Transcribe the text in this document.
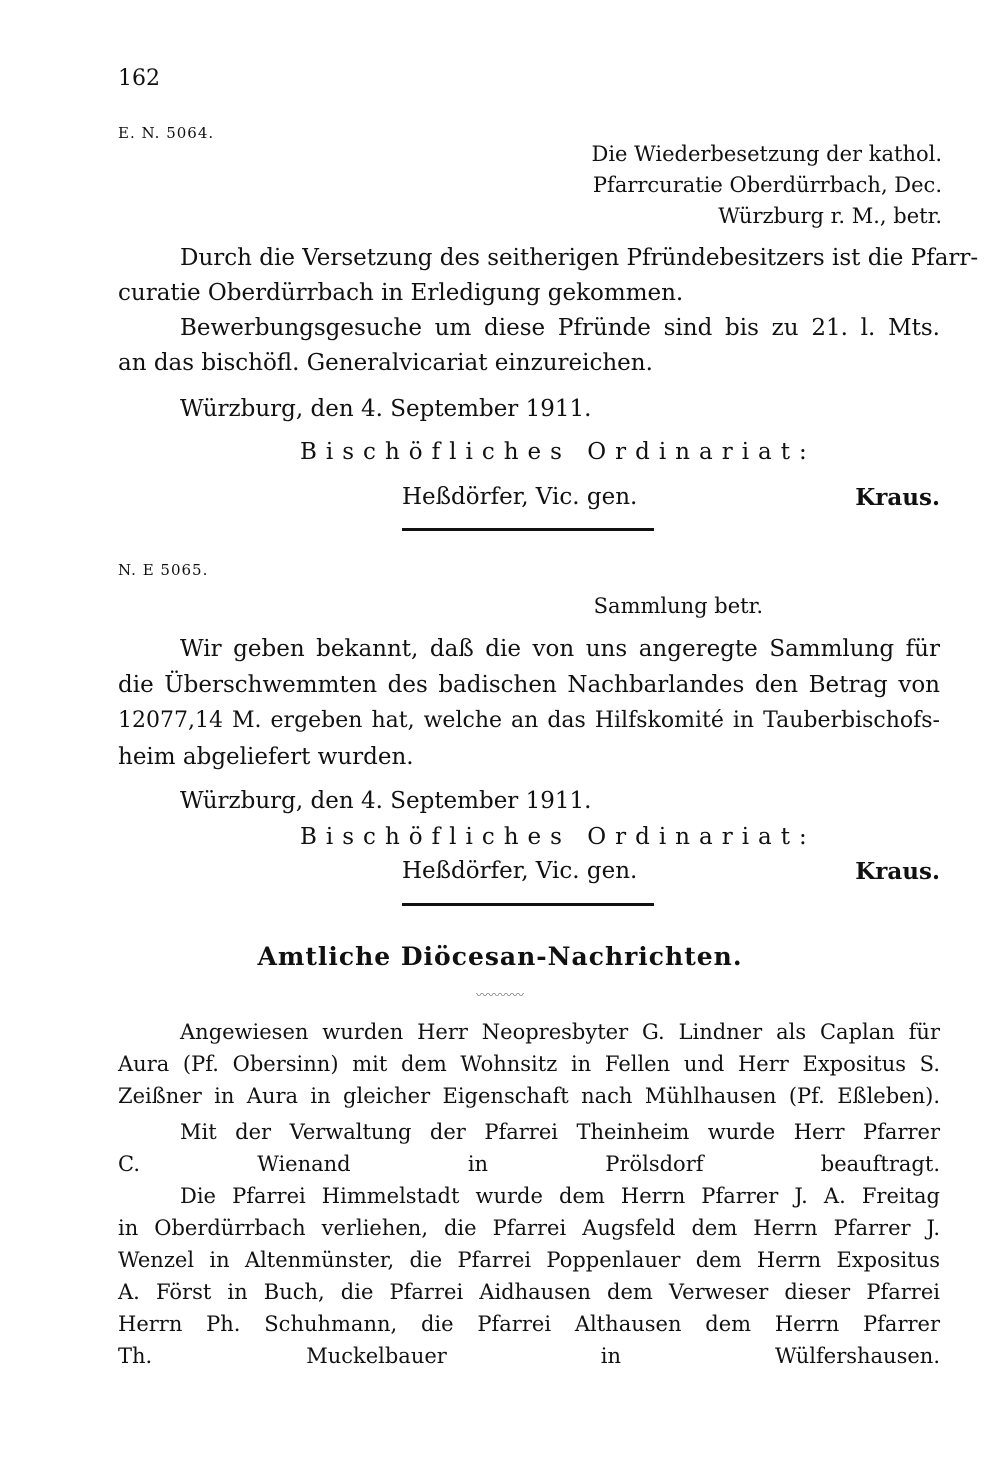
162
E. N. 5064.
Die Wiederbesetzung der kathol.
Pfarrcuratie Oberdürrbach, Dec.
Würzburg r. M., betr.
Durch die Versetzung des seitherigen Pfründebesitzers ist die Pfarr-
curatie Oberdürrbach in Erledigung gekommen.
Bewerbungsgesuche um diese Pfründe sind bis zu 21. l. Mts.
an das bischöfl. Generalvicariat einzureichen.
Würzburg, den 4. September 1911.
Bischöfliches Ordinariat:
Heßdörfer, Vic. gen.	Kraus.
N. E 5065.
Sammlung betr.
Wir geben bekannt, daß die von uns angeregte Sammlung für
die Überschwemmten des badischen Nachbarlandes den Betrag von
12077,14 M. ergeben hat, welche an das Hilfskomité in Tauberbischofs-
heim abgeliefert wurden.
Würzburg, den 4. September 1911.
Bischöfliches Ordinariat:
Heßdörfer, Vic. gen.	Kraus.
Amtliche Diöcesan-Nachrichten.
〰〰〰〰
Angewiesen wurden Herr Neopresbyter G. Lindner als Caplan für
Aura (Pf. Obersinn) mit dem Wohnsitz in Fellen und Herr Expositus S.
Zeißner in Aura in gleicher Eigenschaft nach Mühlhausen (Pf. Eßleben).
Mit der Verwaltung der Pfarrei Theinheim wurde Herr Pfarrer
C. Wienand in Prölsdorf beauftragt.
Die Pfarrei Himmelstadt wurde dem Herrn Pfarrer J. A. Freitag
in Oberdürrbach verliehen, die Pfarrei Augsfeld dem Herrn Pfarrer J.
Wenzel in Altenmünster, die Pfarrei Poppenlauer dem Herrn Expositus
A. Först in Buch, die Pfarrei Aidhausen dem Verweser dieser Pfarrei
Herrn Ph. Schuhmann, die Pfarrei Althausen dem Herrn Pfarrer
Th. Muckelbauer in Wülfershausen.
